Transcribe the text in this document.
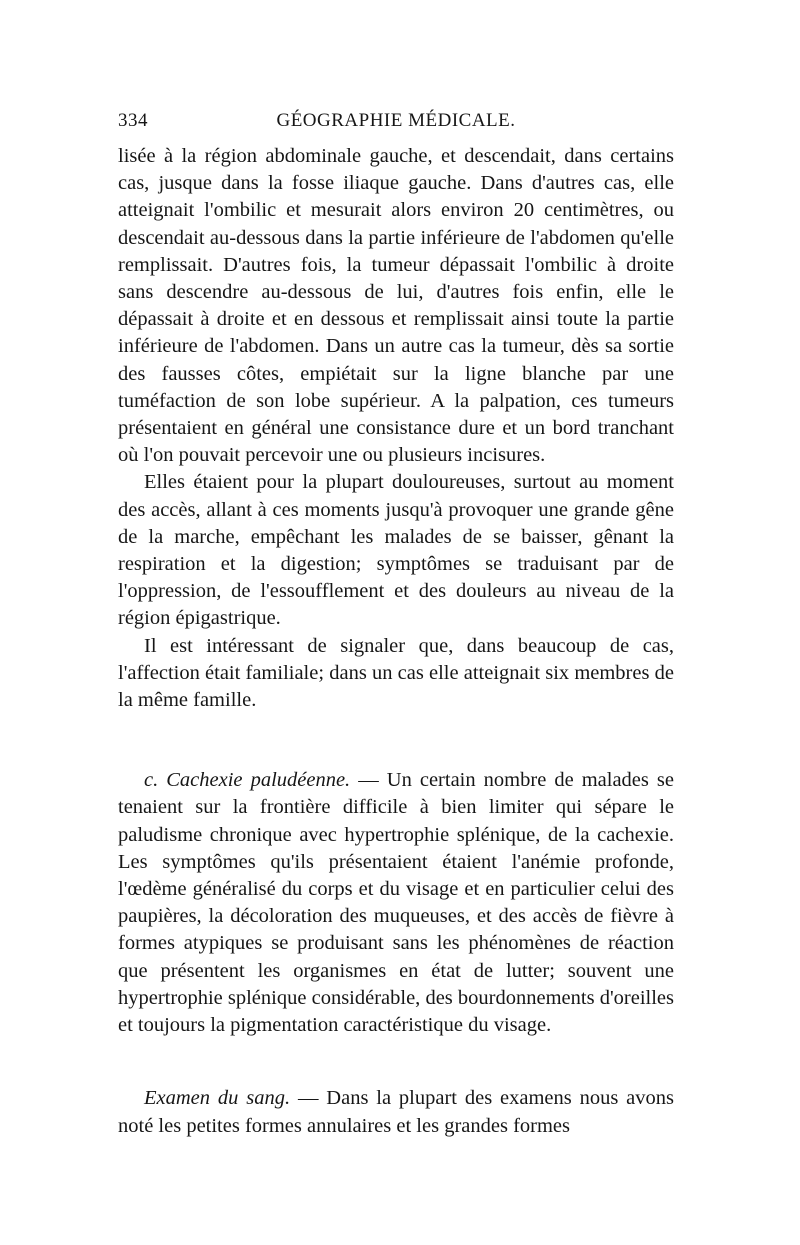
334	GÉOGRAPHIE MÉDICALE.

lisée à la région abdominale gauche, et descendait, dans certains cas, jusque dans la fosse iliaque gauche. Dans d'autres cas, elle atteignait l'ombilic et mesurait alors environ 20 centimètres, ou descendait au-dessous dans la partie inférieure de l'abdomen qu'elle remplissait. D'autres fois, la tumeur dépassait l'ombilic à droite sans descendre au-dessous de lui, d'autres fois enfin, elle le dépassait à droite et en dessous et remplissait ainsi toute la partie inférieure de l'abdomen. Dans un autre cas la tumeur, dès sa sortie des fausses côtes, empiétait sur la ligne blanche par une tuméfaction de son lobe supérieur. A la palpation, ces tumeurs présentaient en général une consistance dure et un bord tranchant où l'on pouvait percevoir une ou plusieurs incisures.

Elles étaient pour la plupart douloureuses, surtout au moment des accès, allant à ces moments jusqu'à provoquer une grande gêne de la marche, empêchant les malades de se baisser, gênant la respiration et la digestion; symptômes se traduisant par de l'oppression, de l'essoufflement et des douleurs au niveau de la région épigastrique.

Il est intéressant de signaler que, dans beaucoup de cas, l'affection était familiale; dans un cas elle atteignait six membres de la même famille.

c. Cachexie paludéenne. — Un certain nombre de malades se tenaient sur la frontière difficile à bien limiter qui sépare le paludisme chronique avec hypertrophie splénique, de la cachexie. Les symptômes qu'ils présentaient étaient l'anémie profonde, l'œdème généralisé du corps et du visage et en particulier celui des paupières, la décoloration des muqueuses, et des accès de fièvre à formes atypiques se produisant sans les phénomènes de réaction que présentent les organismes en état de lutter; souvent une hypertrophie splénique considérable, des bourdonnements d'oreilles et toujours la pigmentation caractéristique du visage.

Examen du sang. — Dans la plupart des examens nous avons noté les petites formes annulaires et les grandes formes
